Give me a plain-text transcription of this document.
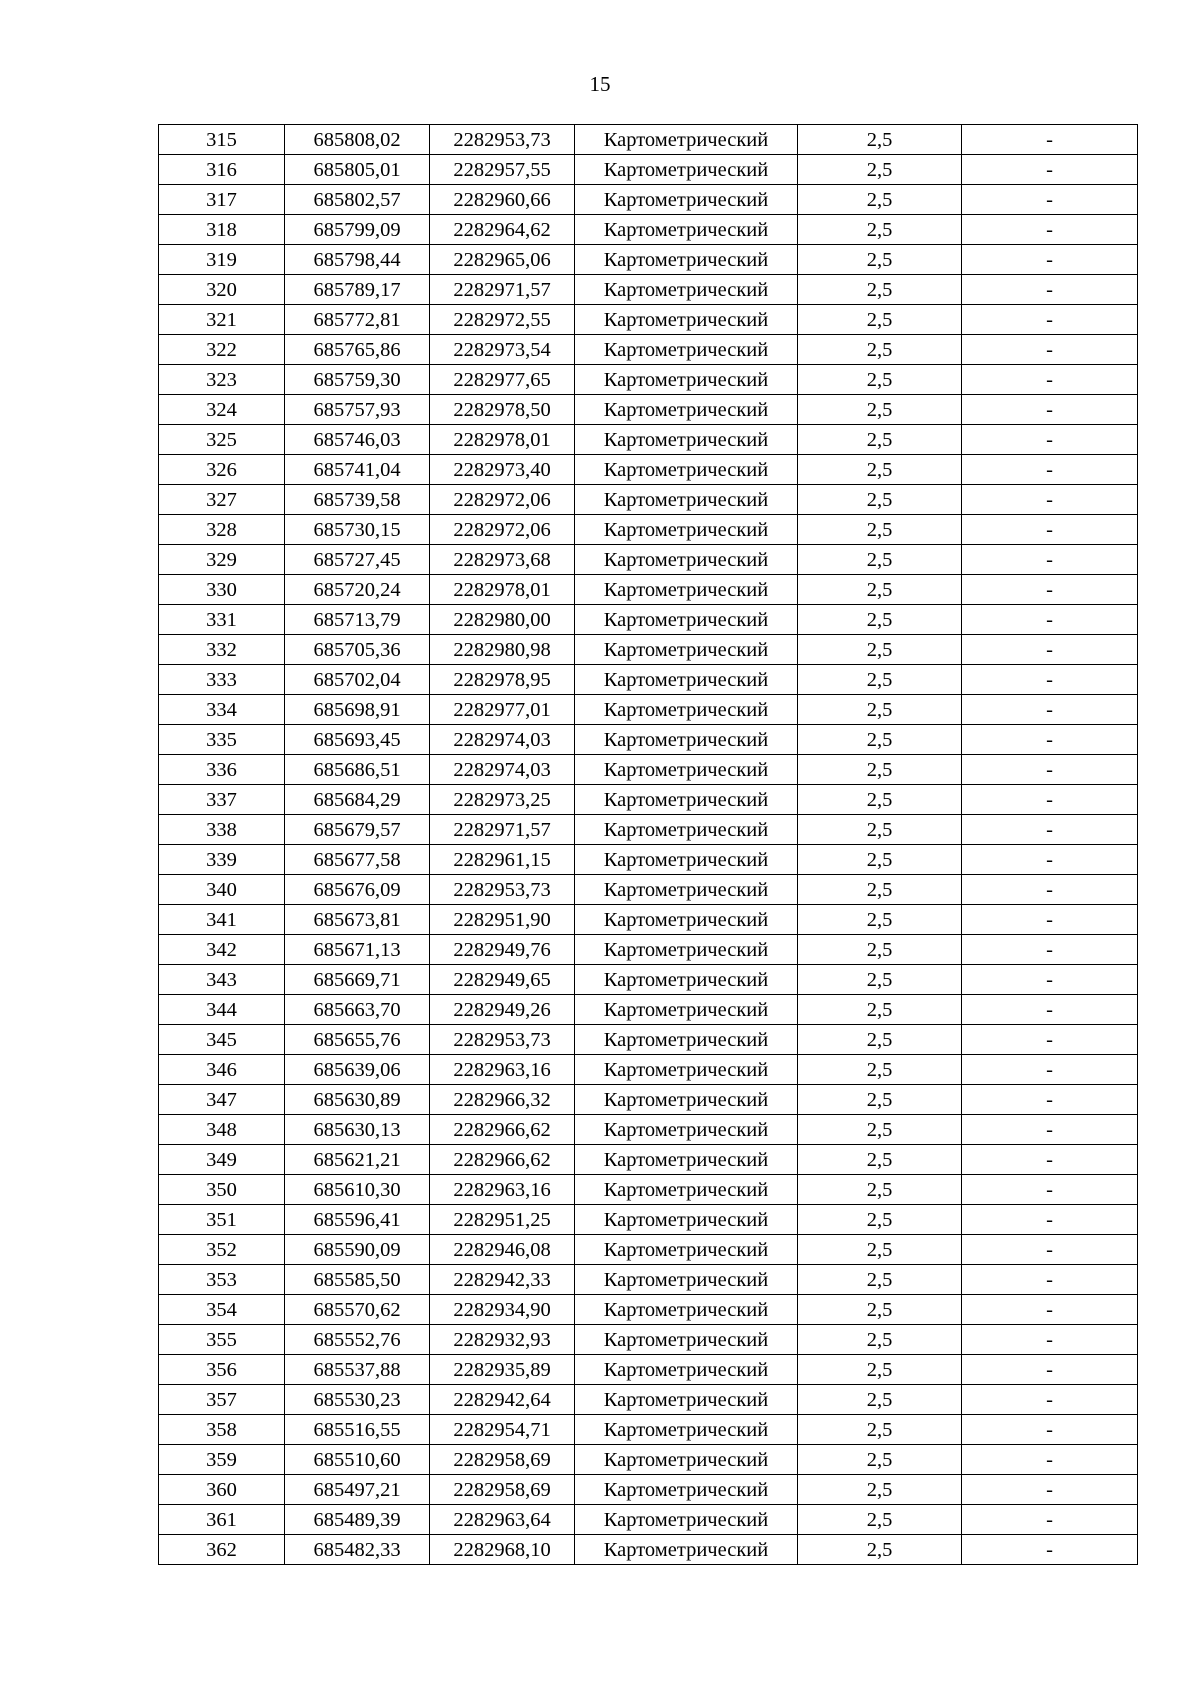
15
315	685808,02	2282953,73	Картометрический	2,5	-
316	685805,01	2282957,55	Картометрический	2,5	-
317	685802,57	2282960,66	Картометрический	2,5	-
318	685799,09	2282964,62	Картометрический	2,5	-
319	685798,44	2282965,06	Картометрический	2,5	-
320	685789,17	2282971,57	Картометрический	2,5	-
321	685772,81	2282972,55	Картометрический	2,5	-
322	685765,86	2282973,54	Картометрический	2,5	-
323	685759,30	2282977,65	Картометрический	2,5	-
324	685757,93	2282978,50	Картометрический	2,5	-
325	685746,03	2282978,01	Картометрический	2,5	-
326	685741,04	2282973,40	Картометрический	2,5	-
327	685739,58	2282972,06	Картометрический	2,5	-
328	685730,15	2282972,06	Картометрический	2,5	-
329	685727,45	2282973,68	Картометрический	2,5	-
330	685720,24	2282978,01	Картометрический	2,5	-
331	685713,79	2282980,00	Картометрический	2,5	-
332	685705,36	2282980,98	Картометрический	2,5	-
333	685702,04	2282978,95	Картометрический	2,5	-
334	685698,91	2282977,01	Картометрический	2,5	-
335	685693,45	2282974,03	Картометрический	2,5	-
336	685686,51	2282974,03	Картометрический	2,5	-
337	685684,29	2282973,25	Картометрический	2,5	-
338	685679,57	2282971,57	Картометрический	2,5	-
339	685677,58	2282961,15	Картометрический	2,5	-
340	685676,09	2282953,73	Картометрический	2,5	-
341	685673,81	2282951,90	Картометрический	2,5	-
342	685671,13	2282949,76	Картометрический	2,5	-
343	685669,71	2282949,65	Картометрический	2,5	-
344	685663,70	2282949,26	Картометрический	2,5	-
345	685655,76	2282953,73	Картометрический	2,5	-
346	685639,06	2282963,16	Картометрический	2,5	-
347	685630,89	2282966,32	Картометрический	2,5	-
348	685630,13	2282966,62	Картометрический	2,5	-
349	685621,21	2282966,62	Картометрический	2,5	-
350	685610,30	2282963,16	Картометрический	2,5	-
351	685596,41	2282951,25	Картометрический	2,5	-
352	685590,09	2282946,08	Картометрический	2,5	-
353	685585,50	2282942,33	Картометрический	2,5	-
354	685570,62	2282934,90	Картометрический	2,5	-
355	685552,76	2282932,93	Картометрический	2,5	-
356	685537,88	2282935,89	Картометрический	2,5	-
357	685530,23	2282942,64	Картометрический	2,5	-
358	685516,55	2282954,71	Картометрический	2,5	-
359	685510,60	2282958,69	Картометрический	2,5	-
360	685497,21	2282958,69	Картометрический	2,5	-
361	685489,39	2282963,64	Картометрический	2,5	-
362	685482,33	2282968,10	Картометрический	2,5	-
